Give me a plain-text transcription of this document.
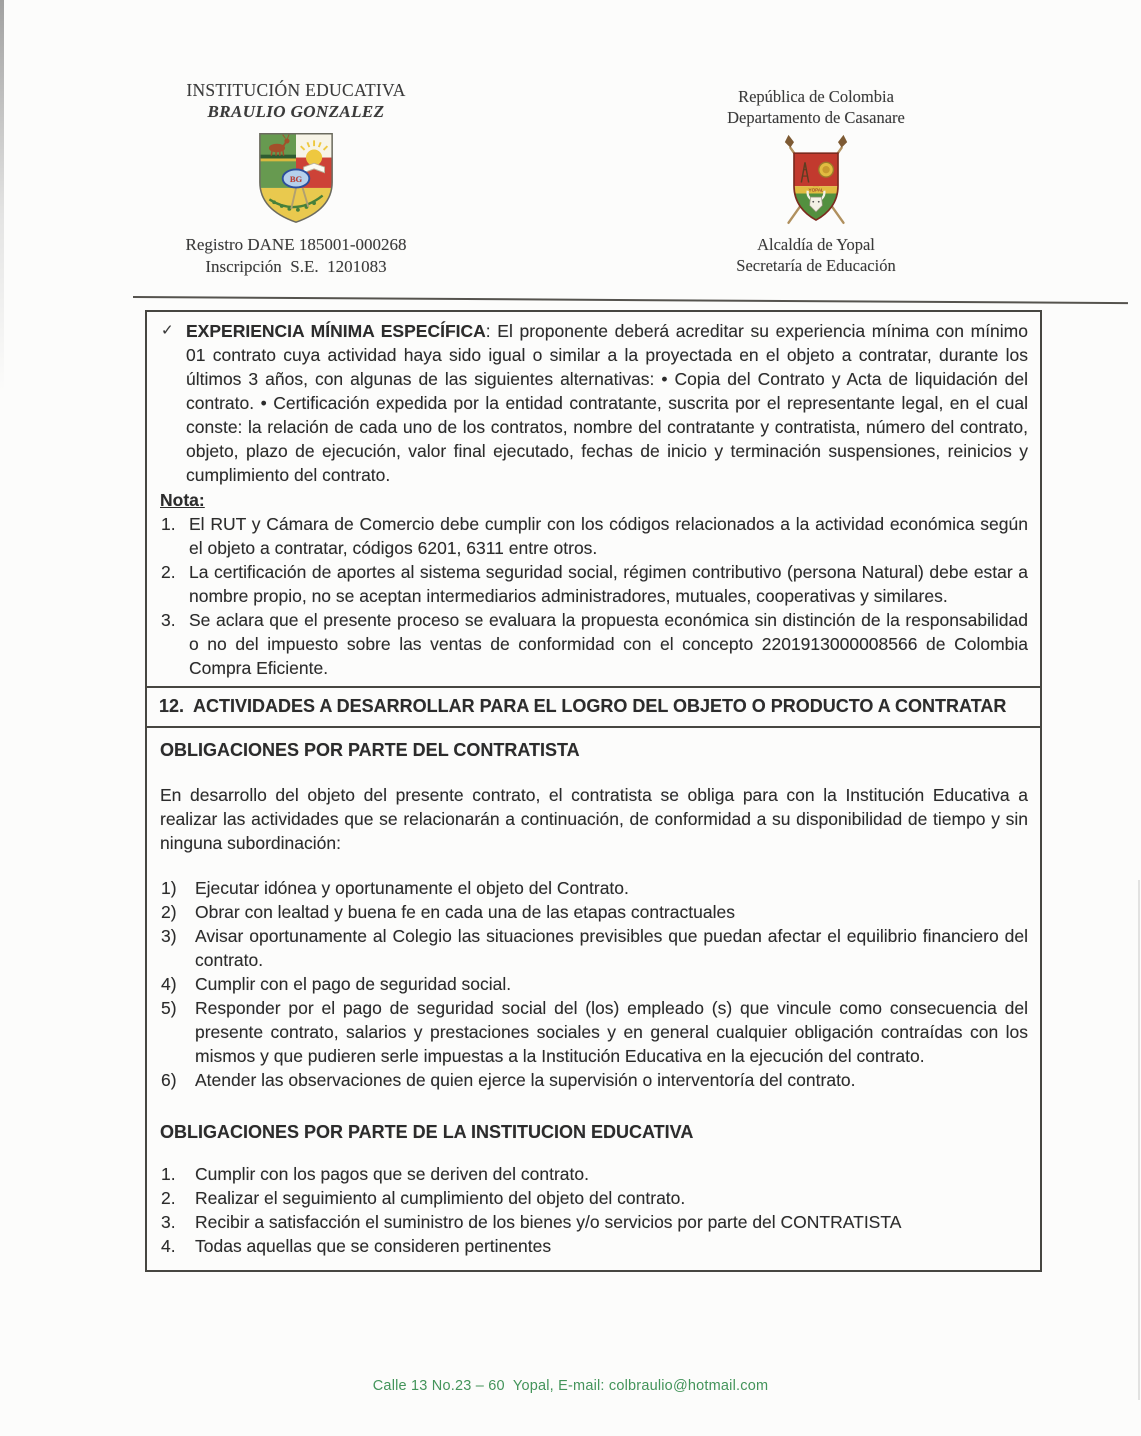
INSTITUCIÓN EDUCATIVA
BRAULIO GONZALEZ
BG
Registro DANE 185001-000268
Inscripción  S.E.  1201083
República de Colombia
Departamento de Casanare
YOPAL
Alcaldía de Yopal
Secretaría de Educación
✓ EXPERIENCIA MÍNIMA ESPECÍFICA: El proponente deberá acreditar su experiencia mínima con mínimo 01 contrato cuya actividad haya sido igual o similar a la proyectada en el objeto a contratar, durante los últimos 3 años, con algunas de las siguientes alternativas: • Copia del Contrato y Acta de liquidación del contrato. • Certificación expedida por la entidad contratante, suscrita por el representante legal, en el cual conste: la relación de cada uno de los contratos, nombre del contratante y contratista, número del contrato, objeto, plazo de ejecución, valor final ejecutado, fechas de inicio y terminación suspensiones, reinicios y cumplimiento del contrato.

Nota:
1. El RUT y Cámara de Comercio debe cumplir con los códigos relacionados a la actividad económica según el objeto a contratar, códigos 6201, 6311 entre otros.
2. La certificación de aportes al sistema seguridad social, régimen contributivo (persona Natural) debe estar a nombre propio, no se aceptan intermediarios administradores, mutuales, cooperativas y similares.
3. Se aclara que el presente proceso se evaluara la propuesta económica sin distinción de la responsabilidad o no del impuesto sobre las ventas de conformidad con el concepto 2201913000008566 de Colombia Compra Eficiente.
12. ACTIVIDADES A DESARROLLAR PARA EL LOGRO DEL OBJETO O PRODUCTO A CONTRATAR
OBLIGACIONES POR PARTE DEL CONTRATISTA

En desarrollo del objeto del presente contrato, el contratista se obliga para con la Institución Educativa a realizar las actividades que se relacionarán a continuación, de conformidad a su disponibilidad de tiempo y sin ninguna subordinación:

1)	Ejecutar idónea y oportunamente el objeto del Contrato.
2)	Obrar con lealtad y buena fe en cada una de las etapas contractuales
3)	Avisar oportunamente al Colegio las situaciones previsibles que puedan afectar el equilibrio financiero del contrato.
4)	Cumplir con el pago de seguridad social.
5)	Responder por el pago de seguridad social del (los) empleado (s) que vincule como consecuencia del presente contrato, salarios y prestaciones sociales y en general cualquier obligación contraídas con los mismos y que pudieren serle impuestas a la Institución Educativa en la ejecución del contrato.
6)	Atender las observaciones de quien ejerce la supervisión o interventoría del contrato.
OBLIGACIONES POR PARTE DE LA INSTITUCION EDUCATIVA
1.	Cumplir con los pagos que se deriven del contrato.
2.	Realizar el seguimiento al cumplimiento del objeto del contrato.
3.	Recibir a satisfacción el suministro de los bienes y/o servicios por parte del CONTRATISTA
4.	Todas aquellas que se consideren pertinentes
Calle 13 No.23 – 60  Yopal, E-mail: colbraulio@hotmail.com
